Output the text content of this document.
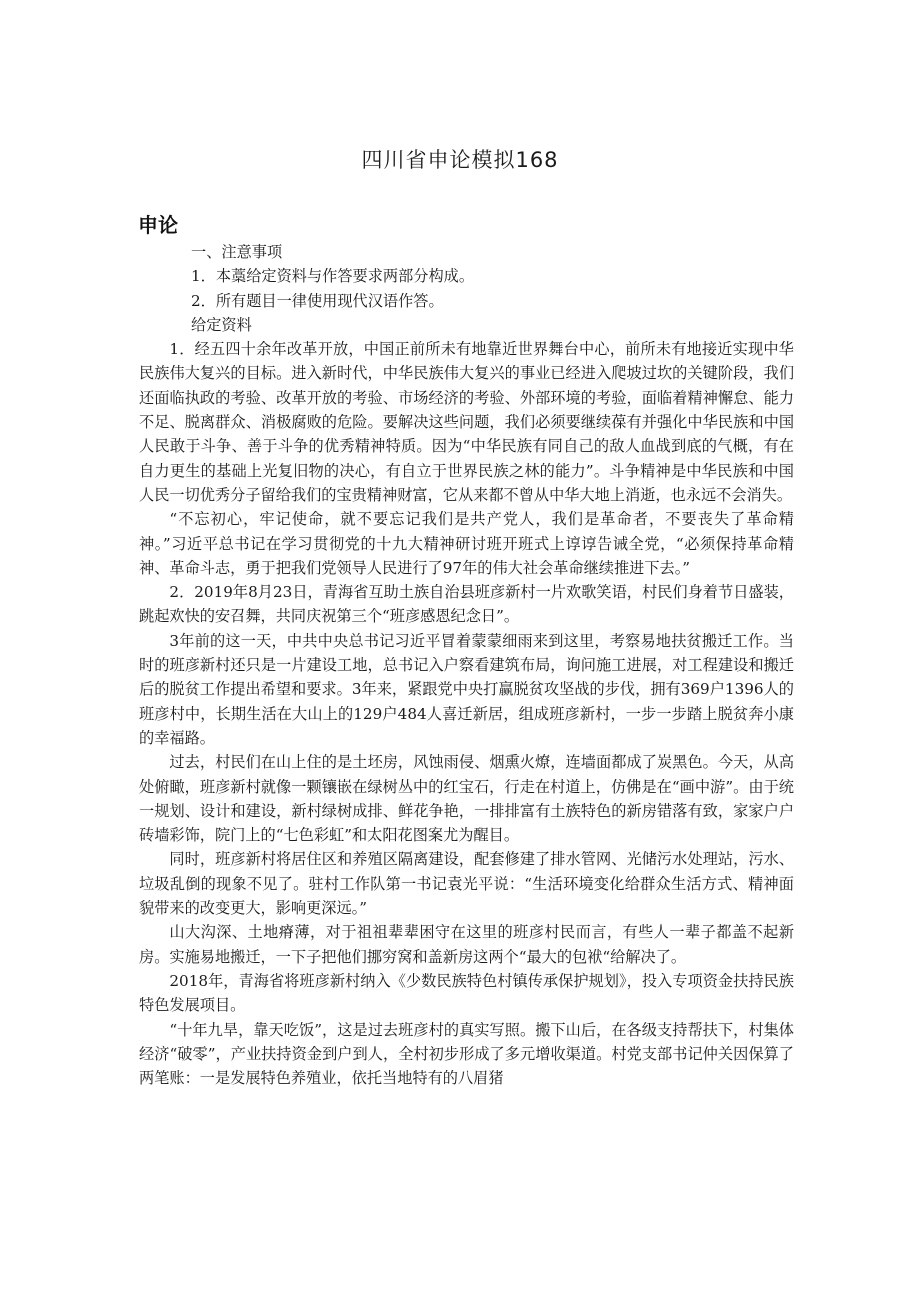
四川省申论模拟168
申论

一、注意事项

1．本藁给定资料与作答要求两部分构成。

2．所有题目一律使用现代汉语作答。

给定资料

1．经五四十余年改革开放，中国正前所未有地靠近世界舞台中心，前所未有地接近实现中华民族伟大复兴的目标。进入新时代，中华民族伟大复兴的事业已经进入爬坡过坎的关键阶段，我们还面临执政的考验、改革开放的考验、市场经济的考验、外部环境的考验，面临着精神懈怠、能力不足、脱离群众、消极腐败的危险。要解决这些问题，我们必须要继续葆有并强化中华民族和中国人民敢于斗争、善于斗争的优秀精神特质。因为“中华民族有同自己的敌人血战到底的气概，有在自力更生的基础上光复旧物的决心，有自立于世界民族之林的能力”。斗争精神是中华民族和中国人民一切优秀分子留给我们的宝贵精神财富，它从来都不曾从中华大地上消逝，也永远不会消失。

“不忘初心，牢记使命，就不要忘记我们是共产党人，我们是革命者，不要丧失了革命精神。”习近平总书记在学习贯彻党的十九大精神研讨班开班式上谆谆告诫全党，“必须保持革命精神、革命斗志，勇于把我们党领导人民进行了97年的伟大社会革命继续推进下去。”

2．2019年8月23日，青海省互助土族自治县班彦新村一片欢歌笑语，村民们身着节日盛装，跳起欢快的安召舞，共同庆祝第三个“班彦感恩纪念日”。

3年前的这一天，中共中央总书记习近平冒着蒙蒙细雨来到这里，考察易地扶贫搬迁工作。当时的班彦新村还只是一片建设工地，总书记入户察看建筑布局，询问施工进展，对工程建设和搬迁后的脱贫工作提出希望和要求。3年来，紧跟党中央打赢脱贫攻坚战的步伐，拥有369户1396人的班彦村中，长期生活在大山上的129户484人喜迁新居，组成班彦新村，一步一步踏上脱贫奔小康的幸福路。

过去，村民们在山上住的是土坯房，风蚀雨侵、烟熏火燎，连墙面都成了炭黑色。今天，从高处俯瞰，班彦新村就像一颗镶嵌在绿树丛中的红宝石，行走在村道上，仿佛是在“画中游”。由于统一规划、设计和建设，新村绿树成排、鲜花争艳，一排排富有土族特色的新房错落有致，家家户户砖墙彩饰，院门上的“七色彩虹”和太阳花图案尤为醒目。

同时，班彦新村将居住区和养殖区隔离建设，配套修建了排水管网、光储污水处理站，污水、垃圾乱倒的现象不见了。驻村工作队第一书记袁光平说：“生活环境变化给群众生活方式、精神面貌带来的改变更大，影响更深远。”

山大沟深、土地瘠薄，对于祖祖辈辈困守在这里的班彦村民而言，有些人一辈子都盖不起新房。实施易地搬迁，一下子把他们挪穷窝和盖新房这两个“最大的包袱“给解决了。

2018年，青海省将班彦新村纳入《少数民族特色村镇传承保护规划》，投入专项资金扶持民族特色发展项目。

“十年九旱，靠天吃饭”，这是过去班彦村的真实写照。搬下山后，在各级支持帮扶下，村集体经济“破零”，产业扶持资金到户到人，全村初步形成了多元增收渠道。村党支部书记仲关因保算了两笔账：一是发展特色养殖业，依托当地特有的八眉猪
